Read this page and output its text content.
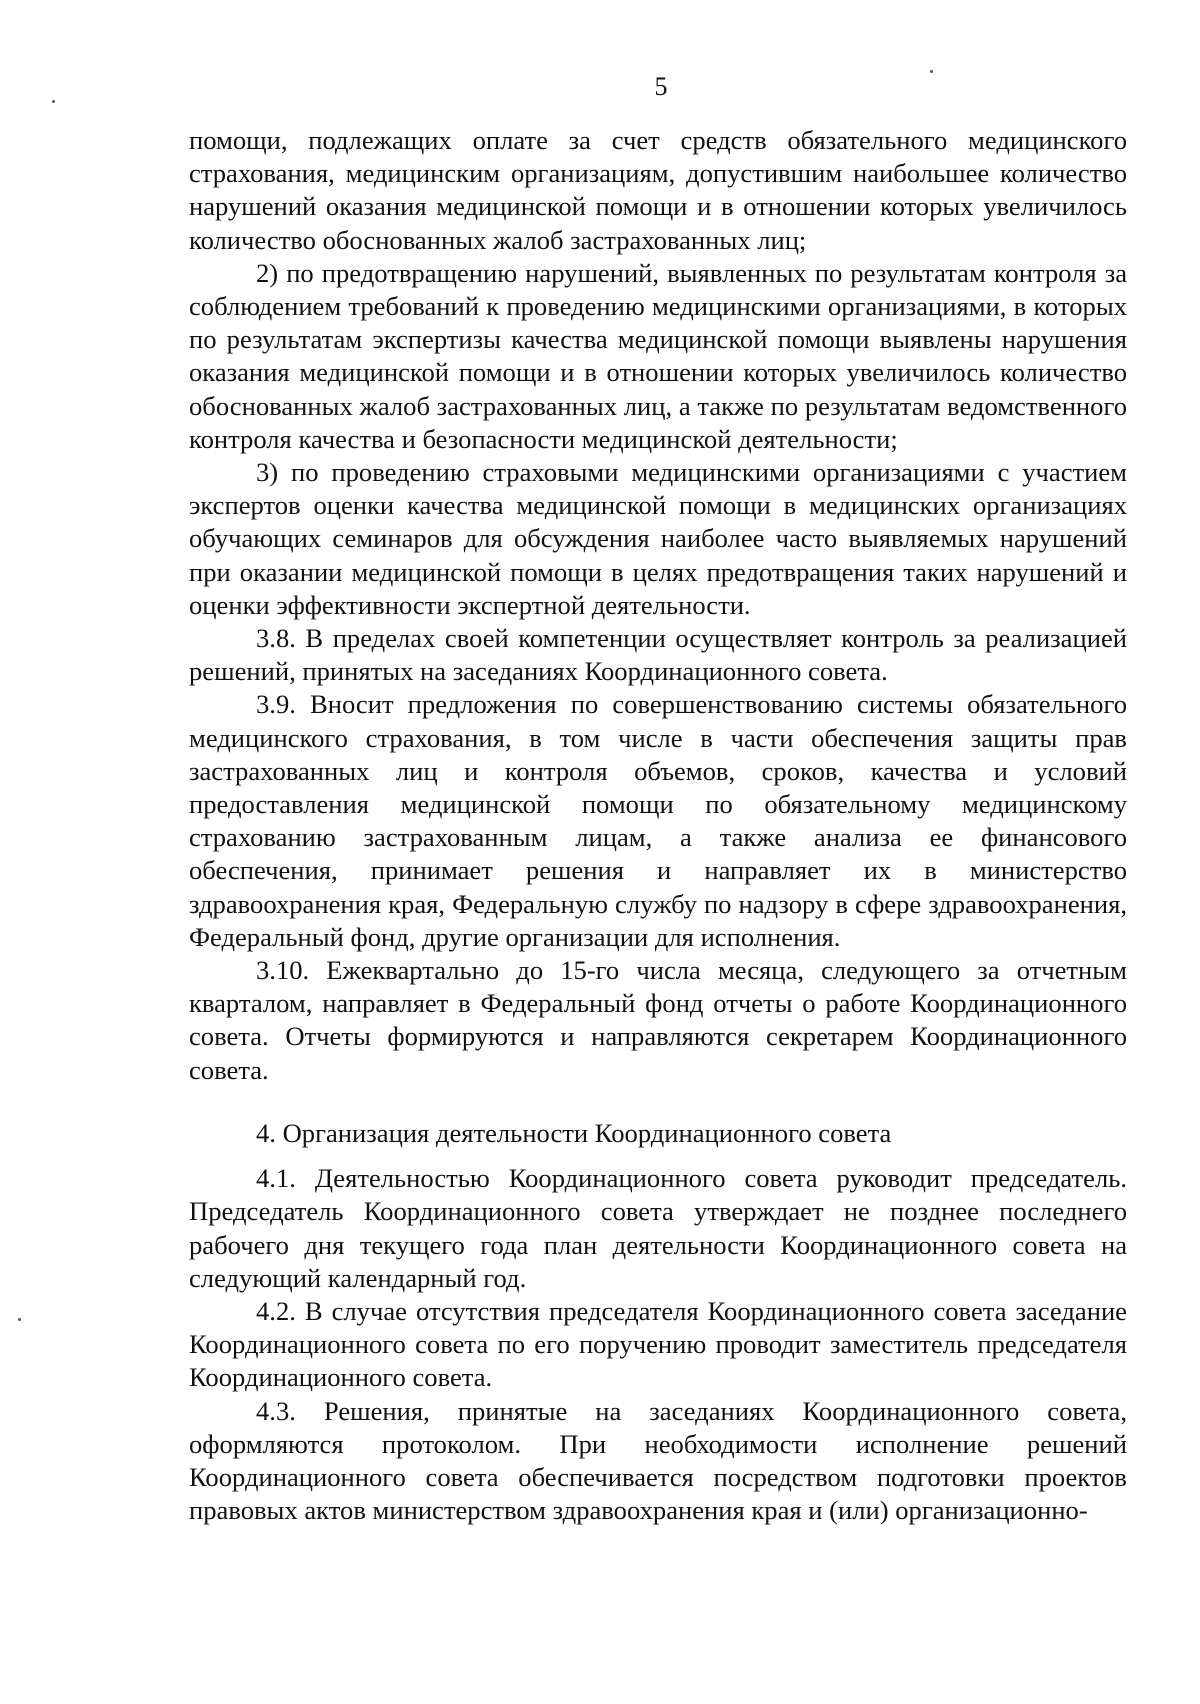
5

помощи, подлежащих оплате за счет средств обязательного медицинского страхования, медицинским организациям, допустившим наибольшее количество нарушений оказания медицинской помощи и в отношении которых увеличилось количество обоснованных жалоб застрахованных лиц;

2) по предотвращению нарушений, выявленных по результатам контроля за соблюдением требований к проведению медицинскими организациями, в которых по результатам экспертизы качества медицинской помощи выявлены нарушения оказания медицинской помощи и в отношении которых увеличилось количество обоснованных жалоб застрахованных лиц, а также по результатам ведомственного контроля качества и безопасности медицинской деятельности;

3) по проведению страховыми медицинскими организациями с участием экспертов оценки качества медицинской помощи в медицинских организациях обучающих семинаров для обсуждения наиболее часто выявляемых нарушений при оказании медицинской помощи в целях предотвращения таких нарушений и оценки эффективности экспертной деятельности.

3.8. В пределах своей компетенции осуществляет контроль за реализацией решений, принятых на заседаниях Координационного совета.

3.9. Вносит предложения по совершенствованию системы обязательного медицинского страхования, в том числе в части обеспечения защиты прав застрахованных лиц и контроля объемов, сроков, качества и условий предоставления медицинской помощи по обязательному медицинскому страхованию застрахованным лицам, а также анализа ее финансового обеспечения, принимает решения и направляет их в министерство здравоохранения края, Федеральную службу по надзору в сфере здравоохранения, Федеральный фонд, другие организации для исполнения.

3.10. Ежеквартально до 15-го числа месяца, следующего за отчетным кварталом, направляет в Федеральный фонд отчеты о работе Координационного совета. Отчеты формируются и направляются секретарем Координационного совета.

4. Организация деятельности Координационного совета

4.1. Деятельностью Координационного совета руководит председатель. Председатель Координационного совета утверждает не позднее последнего рабочего дня текущего года план деятельности Координационного совета на следующий календарный год.

4.2. В случае отсутствия председателя Координационного совета заседание Координационного совета по его поручению проводит заместитель председателя Координационного совета.

4.3. Решения, принятые на заседаниях Координационного совета, оформляются протоколом. При необходимости исполнение решений Координационного совета обеспечивается посредством подготовки проектов правовых актов министерством здравоохранения края и (или) организационно-
